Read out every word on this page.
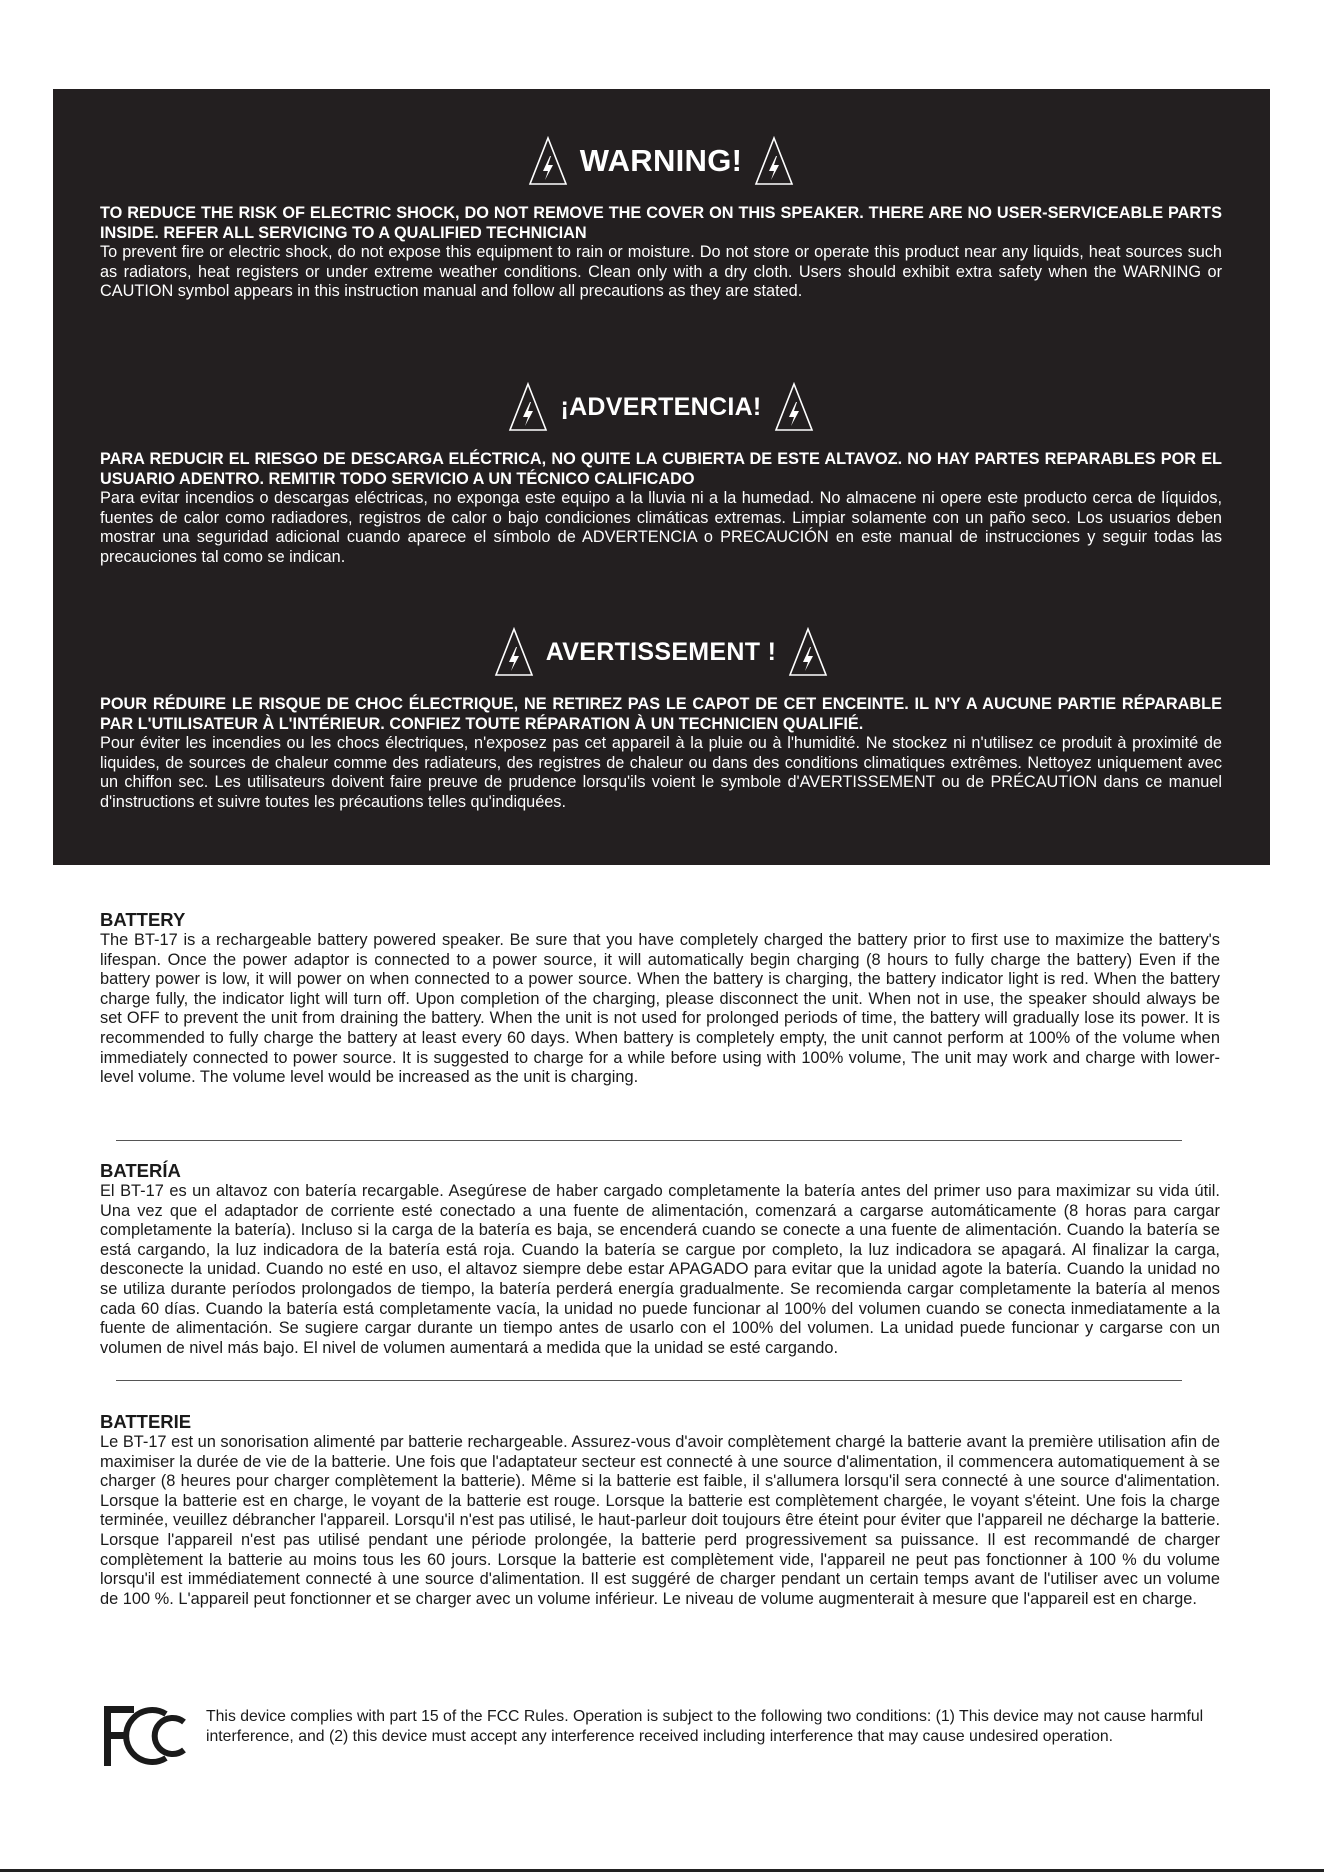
WARNING!
TO REDUCE THE RISK OF ELECTRIC SHOCK, DO NOT REMOVE THE COVER ON THIS SPEAKER. THERE ARE NO USER-SERVICEABLE PARTS INSIDE. REFER ALL SERVICING TO A QUALIFIED TECHNICIAN
To prevent fire or electric shock, do not expose this equipment to rain or moisture. Do not store or operate this product near any liquids, heat sources such as radiators, heat registers or under extreme weather conditions. Clean only with a dry cloth. Users should exhibit extra safety when the WARNING or CAUTION symbol appears in this instruction manual and follow all precautions as they are stated.
¡ADVERTENCIA!
PARA REDUCIR EL RIESGO DE DESCARGA ELÉCTRICA, NO QUITE LA CUBIERTA DE ESTE ALTAVOZ. NO HAY PARTES REPARABLES POR EL USUARIO ADENTRO. REMITIR TODO SERVICIO A UN TÉCNICO CALIFICADO
Para evitar incendios o descargas eléctricas, no exponga este equipo a la lluvia ni a la humedad. No almacene ni opere este producto cerca de líquidos, fuentes de calor como radiadores, registros de calor o bajo condiciones climáticas extremas. Limpiar solamente con un paño seco. Los usuarios deben mostrar una seguridad adicional cuando aparece el símbolo de ADVERTENCIA o PRECAUCIÓN en este manual de instrucciones y seguir todas las precauciones tal como se indican.
AVERTISSEMENT !
POUR RÉDUIRE LE RISQUE DE CHOC ÉLECTRIQUE, NE RETIREZ PAS LE CAPOT DE CET ENCEINTE. IL N'Y A AUCUNE PARTIE RÉPARABLE PAR L'UTILISATEUR À L'INTÉRIEUR. CONFIEZ TOUTE RÉPARATION À UN TECHNICIEN QUALIFIÉ.
Pour éviter les incendies ou les chocs électriques, n'exposez pas cet appareil à la pluie ou à l'humidité. Ne stockez ni n'utilisez ce produit à proximité de liquides, de sources de chaleur comme des radiateurs, des registres de chaleur ou dans des conditions climatiques extrêmes. Nettoyez uniquement avec un chiffon sec. Les utilisateurs doivent faire preuve de prudence lorsqu'ils voient le symbole d'AVERTISSEMENT ou de PRÉCAUTION dans ce manuel d'instructions et suivre toutes les précautions telles qu'indiquées.
BATTERY
The BT-17 is a rechargeable battery powered speaker. Be sure that you have completely charged the battery prior to first use to maximize the battery's lifespan. Once the power adaptor is connected to a power source, it will automatically begin charging (8 hours to fully charge the battery) Even if the battery power is low, it will power on when connected to a power source. When the battery is charging, the battery indicator light is red. When the battery charge fully, the indicator light will turn off. Upon completion of the charging, please disconnect the unit. When not in use, the speaker should always be set OFF to prevent the unit from draining the battery. When the unit is not used for prolonged periods of time, the battery will gradually lose its power. It is recommended to fully charge the battery at least every 60 days. When battery is completely empty, the unit cannot perform at 100% of the volume when immediately connected to power source. It is suggested to charge for a while before using with 100% volume, The unit may work and charge with lower-level volume. The volume level would be increased as the unit is charging.
BATERÍA
El BT-17 es un altavoz con batería recargable. Asegúrese de haber cargado completamente la batería antes del primer uso para maximizar su vida útil. Una vez que el adaptador de corriente esté conectado a una fuente de alimentación, comenzará a cargarse automáticamente (8 horas para cargar completamente la batería). Incluso si la carga de la batería es baja, se encenderá cuando se conecte a una fuente de alimentación. Cuando la batería se está cargando, la luz indicadora de la batería está roja. Cuando la batería se cargue por completo, la luz indicadora se apagará. Al finalizar la carga, desconecte la unidad. Cuando no esté en uso, el altavoz siempre debe estar APAGADO para evitar que la unidad agote la batería. Cuando la unidad no se utiliza durante períodos prolongados de tiempo, la batería perderá energía gradualmente. Se recomienda cargar completamente la batería al menos cada 60 días. Cuando la batería está completamente vacía, la unidad no puede funcionar al 100% del volumen cuando se conecta inmediatamente a la fuente de alimentación. Se sugiere cargar durante un tiempo antes de usarlo con el 100% del volumen. La unidad puede funcionar y cargarse con un volumen de nivel más bajo. El nivel de volumen aumentará a medida que la unidad se esté cargando.
BATTERIE
Le BT-17 est un sonorisation alimenté par batterie rechargeable. Assurez-vous d'avoir complètement chargé la batterie avant la première utilisation afin de maximiser la durée de vie de la batterie. Une fois que l'adaptateur secteur est connecté à une source d'alimentation, il commencera automatiquement à se charger (8 heures pour charger complètement la batterie). Même si la batterie est faible, il s'allumera lorsqu'il sera connecté à une source d'alimentation. Lorsque la batterie est en charge, le voyant de la batterie est rouge. Lorsque la batterie est complètement chargée, le voyant s'éteint. Une fois la charge terminée, veuillez débrancher l'appareil. Lorsqu'il n'est pas utilisé, le haut-parleur doit toujours être éteint pour éviter que l'appareil ne décharge la batterie. Lorsque l'appareil n'est pas utilisé pendant une période prolongée, la batterie perd progressivement sa puissance. Il est recommandé de charger complètement la batterie au moins tous les 60 jours. Lorsque la batterie est complètement vide, l'appareil ne peut pas fonctionner à 100 % du volume lorsqu'il est immédiatement connecté à une source d'alimentation. Il est suggéré de charger pendant un certain temps avant de l'utiliser avec un volume de 100 %. L'appareil peut fonctionner et se charger avec un volume inférieur. Le niveau de volume augmenterait à mesure que l'appareil est en charge.
This device complies with part 15 of the FCC Rules. Operation is subject to the following two conditions: (1) This device may not cause harmful interference, and (2) this device must accept any interference received including interference that may cause undesired operation.
